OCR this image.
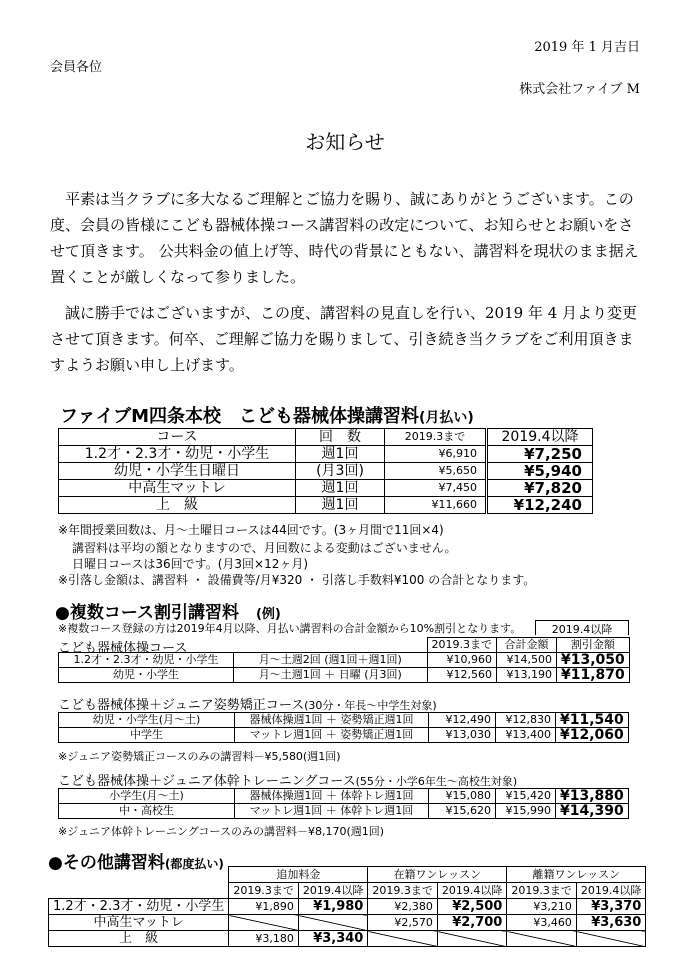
2019 年 1 月吉日
会員各位
株式会社ファイブ M
お知らせ
平素は当クラブに多大なるご理解とご協力を賜り、誠にありがとうございます。この度、会員の皆様にこども器械体操コース講習料の改定について、お知らせとお願いをさせて頂きます。 公共料金の値上げ等、時代の背景にともない、講習料を現状のまま据え置くことが厳しくなって参りました。
誠に勝手ではございますが、この度、講習料の見直しを行い、2019 年 4 月より変更させて頂きます。何卒、ご理解ご協力を賜りまして、引き続き当クラブをご利用頂きますようお願い申し上げます。
ファイブM四条本校　こども器械体操講習料(月払い)
コース	回　数	2019.3まで	2019.4以降
1.2才・2.3才・幼児・小学生	週1回	¥6,910	¥7,250
幼児・小学生日曜日	(月3回)	¥5,650	¥5,940
中高生マットレ	週1回	¥7,450	¥7,820
上　級	週1回	¥11,660	¥12,240
※年間授業回数は、月～土曜日コースは44回です。(3ヶ月間で11回×4)
講習料は平均の額となりますので、月回数による変動はございません。
日曜日コースは36回です。(月3回×12ヶ月)
※引落し金額は、講習料 ・ 設備費等/月¥320 ・ 引落し手数料¥100 の合計となります。
●複数コース割引講習料　 (例)
※複数コース登録の方は2019年4月以降、月払い講習料の合計金額から10%割引となります。	2019.4以降
こども器械体操コース
			2019.3まで	合計金額	割引金額
1.2才・2.3才・幼児・小学生	月～土週2回 (週1回＋週1回)	¥10,960	¥14,500	¥13,050
幼児・小学生	月～土週1回 ＋ 日曜 (月3回)	¥12,560	¥13,190	¥11,870
こども器械体操＋ジュニア姿勢矯正コース(30分・年長～中学生対象)
幼児・小学生(月～土)	器械体操週1回 ＋ 姿勢矯正週1回	¥12,490	¥12,830	¥11,540
中学生	マットレ週1回 ＋ 姿勢矯正週1回	¥13,030	¥13,400	¥12,060
※ジュニア姿勢矯正コースのみの講習料－¥5,580(週1回)
こども器械体操＋ジュニア体幹トレーニングコース(55分・小学6年生～高校生対象)
小学生(月～土)	器械体操週1回 ＋ 体幹トレ週1回	¥15,080	¥15,420	¥13,880
中・高校生	マットレ週1回 ＋ 体幹トレ週1回	¥15,620	¥15,990	¥14,390
※ジュニア体幹トレーニングコースのみの講習料－¥8,170(週1回)
●その他講習料(都度払い)
	追加料金		在籍ワンレッスン		離籍ワンレッスン	
	2019.3まで	2019.4以降	2019.3まで	2019.4以降	2019.3まで	2019.4以降
1.2才・2.3才・幼児・小学生	¥1,890	¥1,980	¥2,380	¥2,500	¥3,210	¥3,370
中高生マットレ			¥2,570	¥2,700	¥3,460	¥3,630
上　級	¥3,180	¥3,340				
